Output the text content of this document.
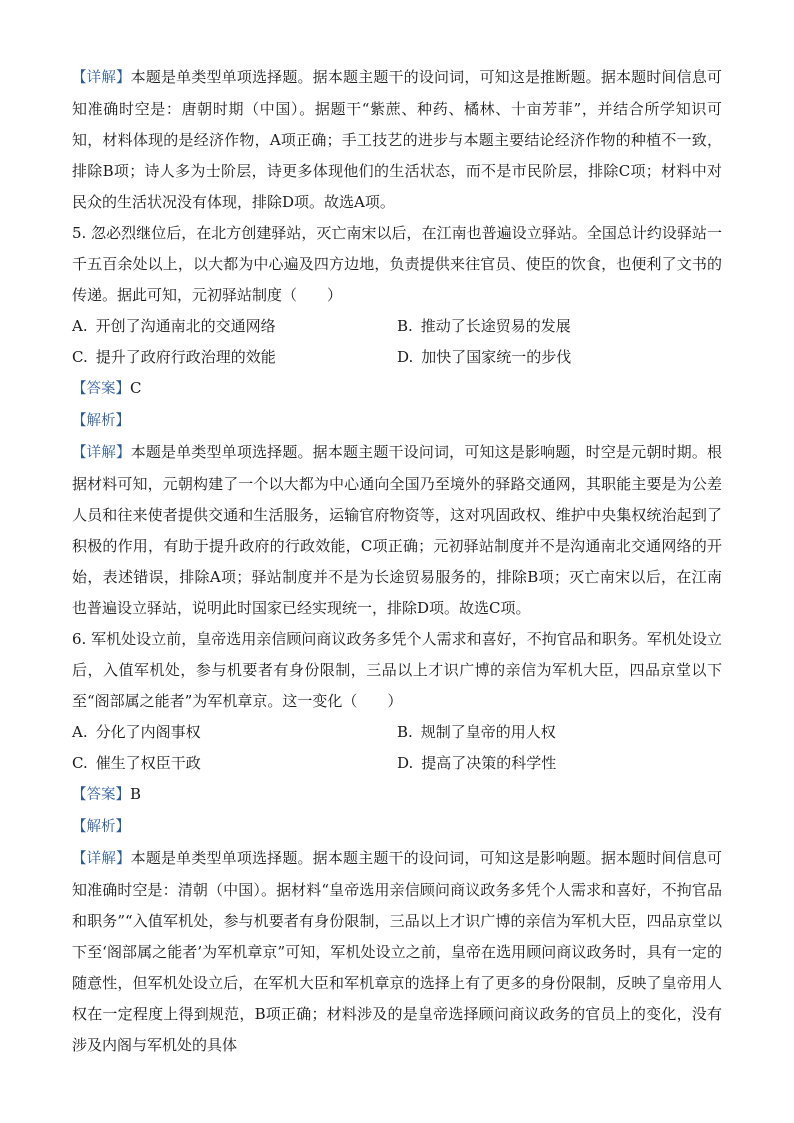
【详解】本题是单类型单项选择题。据本题主题干的设问词，可知这是推断题。据本题时间信息可知准确时空是：唐朝时期（中国）。据题干“紫蔗、种药、橘林、十亩芳菲”，并结合所学知识可知，材料体现的是经济作物，A项正确；手工技艺的进步与本题主要结论经济作物的种植不一致，排除B项；诗人多为士阶层，诗更多体现他们的生活状态，而不是市民阶层，排除C项；材料中对民众的生活状况没有体现，排除D项。故选A项。

5. 忽必烈继位后，在北方创建驿站，灭亡南宋以后，在江南也普遍设立驿站。全国总计约设驿站一千五百余处以上，以大都为中心遍及四方边地，负责提供来往官员、使臣的饮食，也便利了文书的传递。据此可知，元初驿站制度（　　）

A. 开创了沟通南北的交通网络	B. 推动了长途贸易的发展
C. 提升了政府行政治理的效能	D. 加快了国家统一的步伐

【答案】C

【解析】

【详解】本题是单类型单项选择题。据本题主题干设问词，可知这是影响题，时空是元朝时期。根据材料可知，元朝构建了一个以大都为中心通向全国乃至境外的驿路交通网，其职能主要是为公差人员和往来使者提供交通和生活服务，运输官府物资等，这对巩固政权、维护中央集权统治起到了积极的作用，有助于提升政府的行政效能，C项正确；元初驿站制度并不是沟通南北交通网络的开始，表述错误，排除A项；驿站制度并不是为长途贸易服务的，排除B项；灭亡南宋以后，在江南也普遍设立驿站，说明此时国家已经实现统一，排除D项。故选C项。

6. 军机处设立前，皇帝选用亲信顾问商议政务多凭个人需求和喜好，不拘官品和职务。军机处设立后，入值军机处，参与机要者有身份限制，三品以上才识广博的亲信为军机大臣，四品京堂以下至“阁部属之能者”为军机章京。这一变化（　　）

A. 分化了内阁事权	B. 规制了皇帝的用人权
C. 催生了权臣干政	D. 提高了决策的科学性

【答案】B

【解析】

【详解】本题是单类型单项选择题。据本题主题干的设问词，可知这是影响题。据本题时间信息可知准确时空是：清朝（中国）。据材料“皇帝选用亲信顾问商议政务多凭个人需求和喜好，不拘官品和职务”“入值军机处，参与机要者有身份限制，三品以上才识广博的亲信为军机大臣，四品京堂以下至‘阁部属之能者’为军机章京”可知，军机处设立之前，皇帝在选用顾问商议政务时，具有一定的随意性，但军机处设立后，在军机大臣和军机章京的选择上有了更多的身份限制，反映了皇帝用人权在一定程度上得到规范，B项正确；材料涉及的是皇帝选择顾问商议政务的官员上的变化，没有涉及内阁与军机处的具体
